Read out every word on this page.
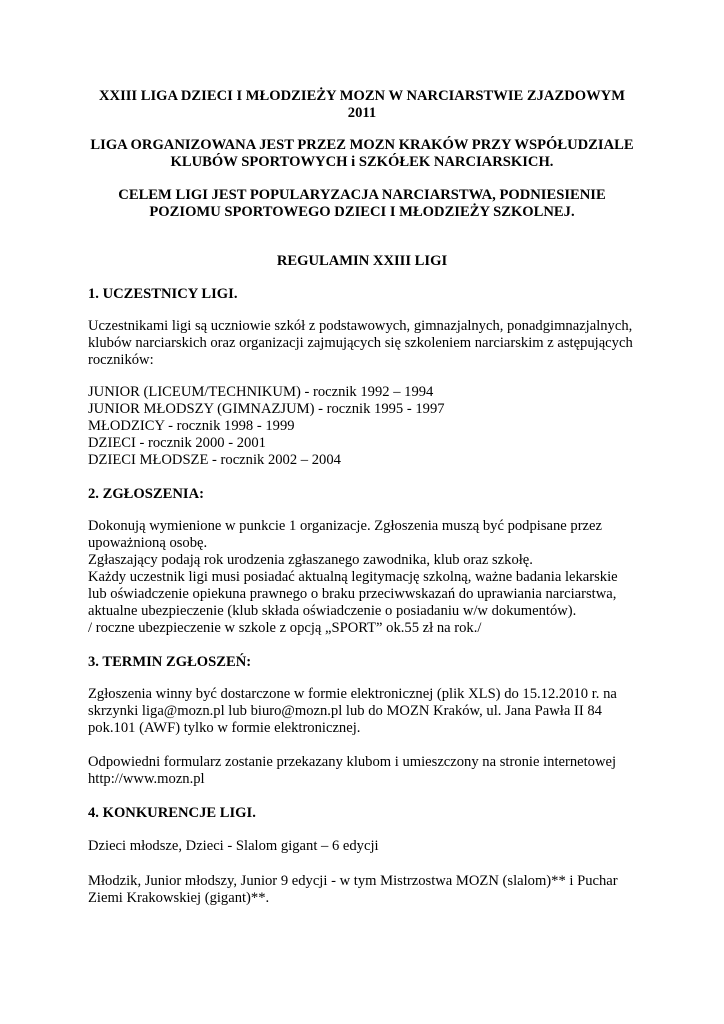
XXIII LIGA DZIECI I MŁODZIEŻY MOZN W NARCIARSTWIE ZJAZDOWYM
2011
LIGA ORGANIZOWANA JEST PRZEZ MOZN KRAKÓW PRZY WSPÓŁUDZIALE
KLUBÓW SPORTOWYCH i SZKÓŁEK NARCIARSKICH.
CELEM LIGI JEST POPULARYZACJA NARCIARSTWA, PODNIESIENIE
POZIOMU SPORTOWEGO DZIECI I MŁODZIEŻY SZKOLNEJ.
REGULAMIN XXIII LIGI
1. UCZESTNICY LIGI.
Uczestnikami ligi są uczniowie szkół z podstawowych, gimnazjalnych, ponadgimnazjalnych,
klubów narciarskich oraz organizacji zajmujących się szkoleniem narciarskim z astępujących
roczników:
JUNIOR (LICEUM/TECHNIKUM) - rocznik 1992 – 1994
JUNIOR MŁODSZY (GIMNAZJUM) - rocznik 1995 - 1997
MŁODZICY - rocznik 1998 - 1999
DZIECI - rocznik 2000 - 2001
DZIECI MŁODSZE - rocznik 2002 – 2004
2. ZGŁOSZENIA:
Dokonują wymienione w punkcie 1 organizacje. Zgłoszenia muszą być podpisane przez
upoważnioną osobę.
Zgłaszający podają rok urodzenia zgłaszanego zawodnika, klub oraz szkołę.
Każdy uczestnik ligi musi posiadać aktualną legitymację szkolną, ważne badania lekarskie
lub oświadczenie opiekuna prawnego o braku przeciwwskazań do uprawiania narciarstwa,
aktualne ubezpieczenie (klub składa oświadczenie o posiadaniu w/w dokumentów).
/ roczne ubezpieczenie w szkole z opcją „SPORT” ok.55 zł na rok./
3. TERMIN ZGŁOSZEŃ:
Zgłoszenia winny być dostarczone w formie elektronicznej (plik XLS) do 15.12.2010 r. na
skrzynki liga@mozn.pl lub biuro@mozn.pl lub do MOZN Kraków, ul. Jana Pawła II 84
pok.101 (AWF) tylko w formie elektronicznej.
Odpowiedni formularz zostanie przekazany klubom i umieszczony na stronie internetowej
http://www.mozn.pl
4. KONKURENCJE LIGI.
Dzieci młodsze, Dzieci - Slalom gigant – 6 edycji
Młodzik, Junior młodszy, Junior 9 edycji - w tym Mistrzostwa MOZN (slalom)** i Puchar
Ziemi Krakowskiej (gigant)**.
